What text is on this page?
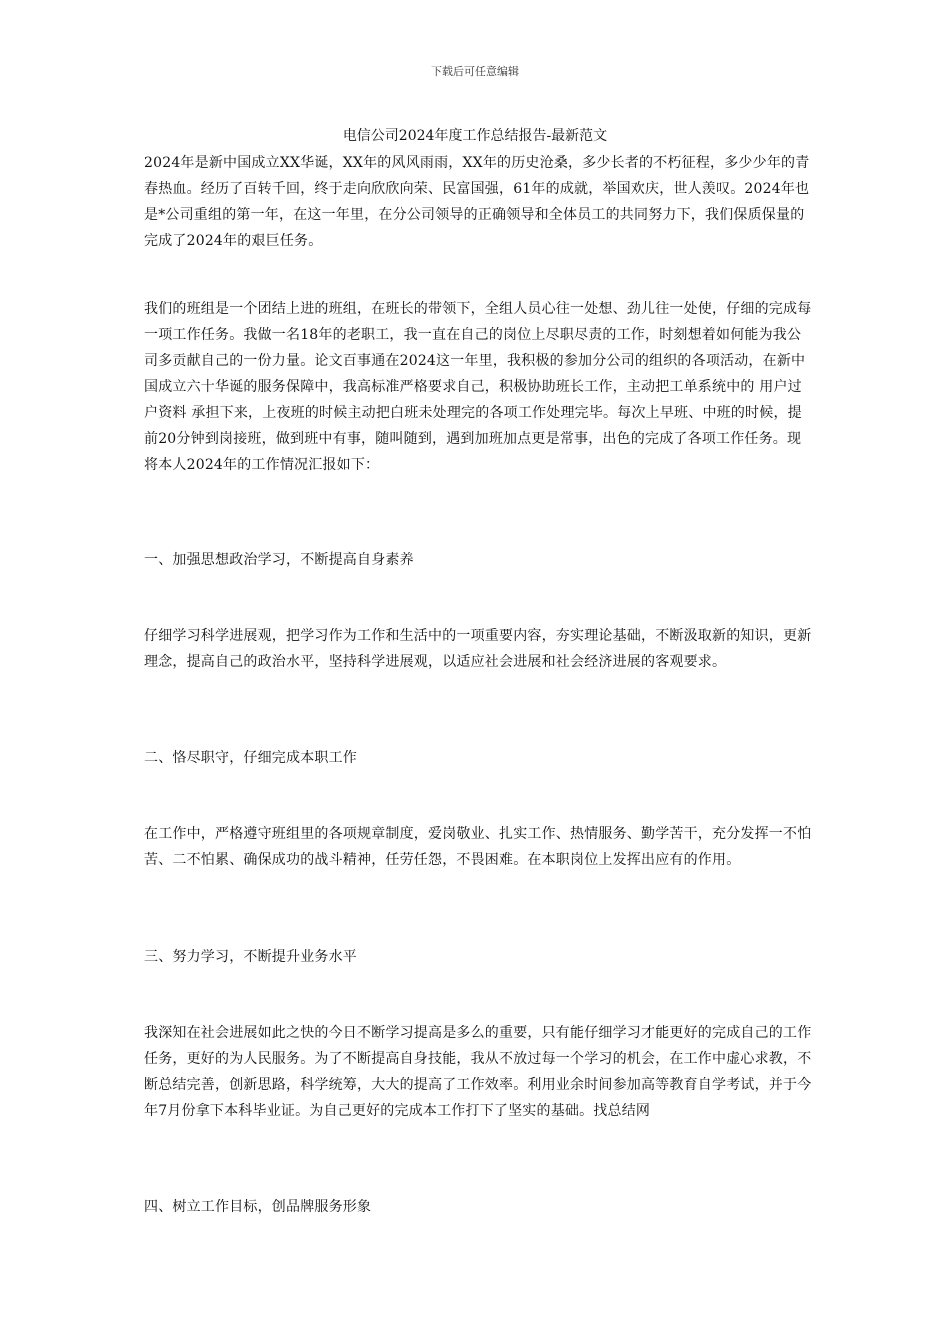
下载后可任意编辑
电信公司2024年度工作总结报告-最新范文

2024年是新中国成立XX华诞，XX年的风风雨雨，XX年的历史沧桑，多少长者的不朽征程，多少少年的青春热血。经历了百转千回，终于走向欣欣向荣、民富国强，61年的成就，举国欢庆，世人羡叹。2024年也是*公司重组的第一年，在这一年里，在分公司领导的正确领导和全体员工的共同努力下，我们保质保量的完成了2024年的艰巨任务。

我们的班组是一个团结上进的班组，在班长的带领下，全组人员心往一处想、劲儿往一处使，仔细的完成每一项工作任务。我做一名18年的老职工，我一直在自己的岗位上尽职尽责的工作，时刻想着如何能为我公司多贡献自己的一份力量。论文百事通在2024这一年里，我积极的参加分公司的组织的各项活动，在新中国成立六十华诞的服务保障中，我高标准严格要求自己，积极协助班长工作，主动把工单系统中的 用户过户资料 承担下来，上夜班的时候主动把白班未处理完的各项工作处理完毕。每次上早班、中班的时候，提前20分钟到岗接班，做到班中有事，随叫随到，遇到加班加点更是常事，出色的完成了各项工作任务。现将本人2024年的工作情况汇报如下：

一、加强思想政治学习，不断提高自身素养

仔细学习科学进展观，把学习作为工作和生活中的一项重要内容，夯实理论基础，不断汲取新的知识，更新理念，提高自己的政治水平，坚持科学进展观，以适应社会进展和社会经济进展的客观要求。

二、恪尽职守，仔细完成本职工作

在工作中，严格遵守班组里的各项规章制度，爱岗敬业、扎实工作、热情服务、勤学苦干，充分发挥一不怕苦、二不怕累、确保成功的战斗精神，任劳任怨，不畏困难。在本职岗位上发挥出应有的作用。

三、努力学习，不断提升业务水平

我深知在社会进展如此之快的今日不断学习提高是多么的重要，只有能仔细学习才能更好的完成自己的工作任务，更好的为人民服务。为了不断提高自身技能，我从不放过每一个学习的机会，在工作中虚心求教，不断总结完善，创新思路，科学统筹，大大的提高了工作效率。利用业余时间参加高等教育自学考试，并于今年7月份拿下本科毕业证。为自己更好的完成本工作打下了坚实的基础。找总结网

四、树立工作目标，创品牌服务形象
